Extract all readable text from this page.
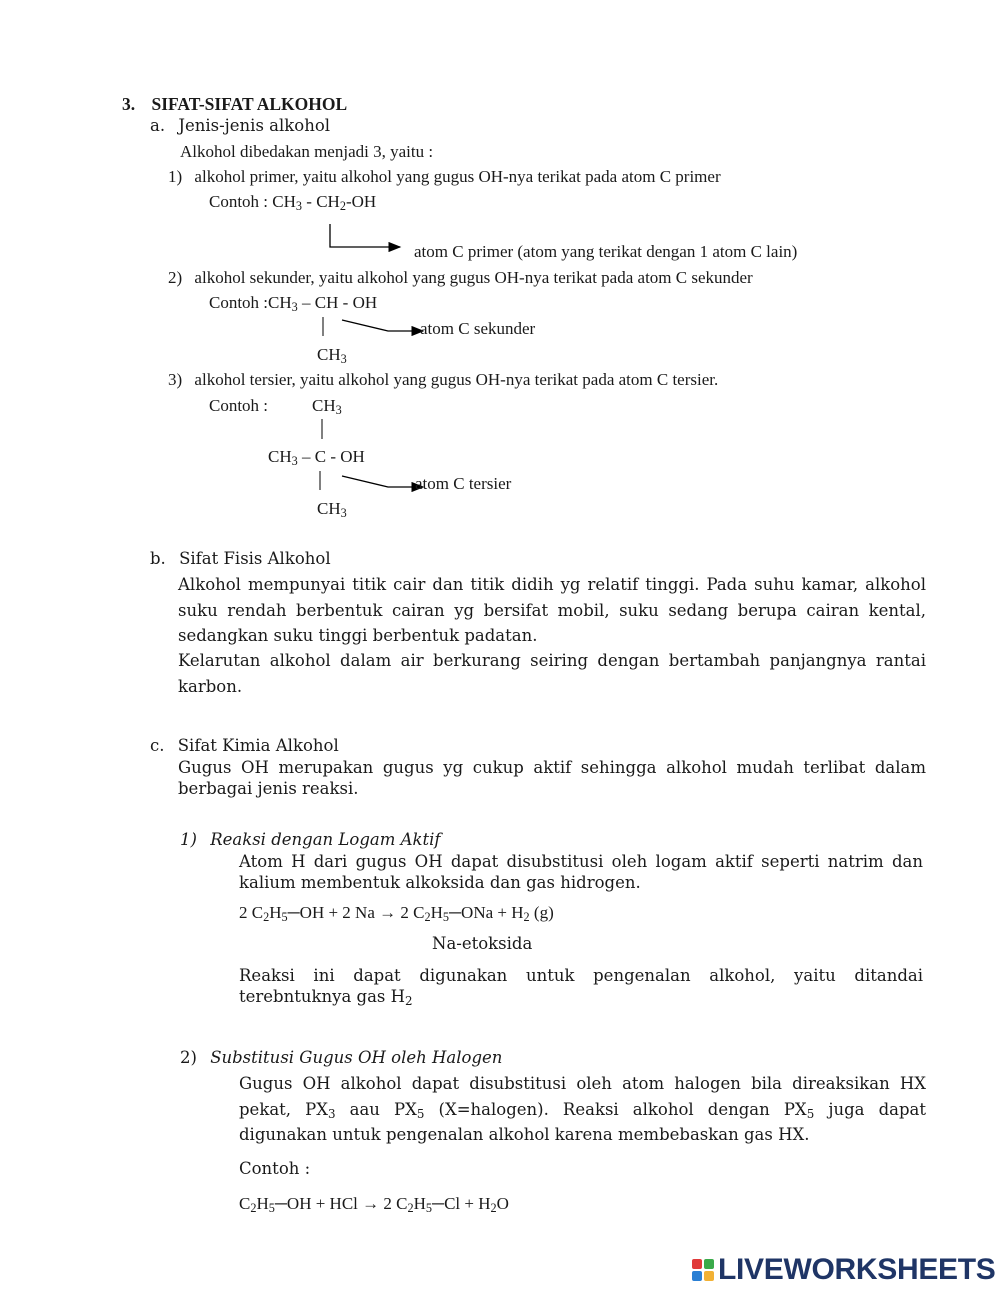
3. SIFAT-SIFAT ALKOHOL
a. Jenis-jenis alkohol
Alkohol dibedakan menjadi 3, yaitu :
1) alkohol primer, yaitu alkohol yang gugus OH-nya terikat pada atom C primer
Contoh : $CH_3 - CH_2-OH$
atom C primer (atom yang terikat dengan 1 atom C lain)
2) alkohol sekunder, yaitu alkohol yang gugus OH-nya terikat pada atom C sekunder
Contoh $:CH_3$ – CH - OH
atom C sekunder
$CH_3$
3) alkohol tersier, yaitu alkohol yang gugus OH-nya terikat pada atom C tersier.
Contoh :	$CH_3$
$CH_3$ – C - OH
atom C tersier
$CH_3$
b. Sifat Fisis Alkohol
Alkohol mempunyai titik cair dan titik didih yg relatif tinggi. Pada suhu kamar, alkohol suku rendah berbentuk cairan yg bersifat mobil, suku sedang berupa cairan kental, sedangkan suku tinggi berbentuk padatan.
Kelarutan alkohol dalam air berkurang seiring dengan bertambah panjangnya rantai karbon.
c. Sifat Kimia Alkohol
Gugus OH merupakan gugus yg cukup aktif sehingga alkohol mudah terlibat dalam berbagai jenis reaksi.
1) Reaksi dengan Logam Aktif
Atom H dari gugus OH dapat disubstitusi oleh logam aktif seperti natrim dan kalium membentuk alkoksida dan gas hidrogen.
2 $C_2H_5─OH + 2$ Na → 2 $C_2H_5─ONa + H_2$ (g)
Na-etoksida
Reaksi ini dapat digunakan untuk pengenalan alkohol, yaitu ditandai terebntuknya gas $H_2$
2) Substitusi Gugus OH oleh Halogen
Gugus OH alkohol dapat disubstitusi oleh atom halogen bila direaksikan HX pekat, $PX_3$ aau $PX_5$ (X=halogen). Reaksi alkohol dengan $PX_5$ juga dapat digunakan untuk pengenalan alkohol karena membebaskan gas HX.
Contoh :
$C_2H_5─OH$ + HCl → 2 $C_2H_5─Cl + H_2O$
LIVEWORKSHEETS
